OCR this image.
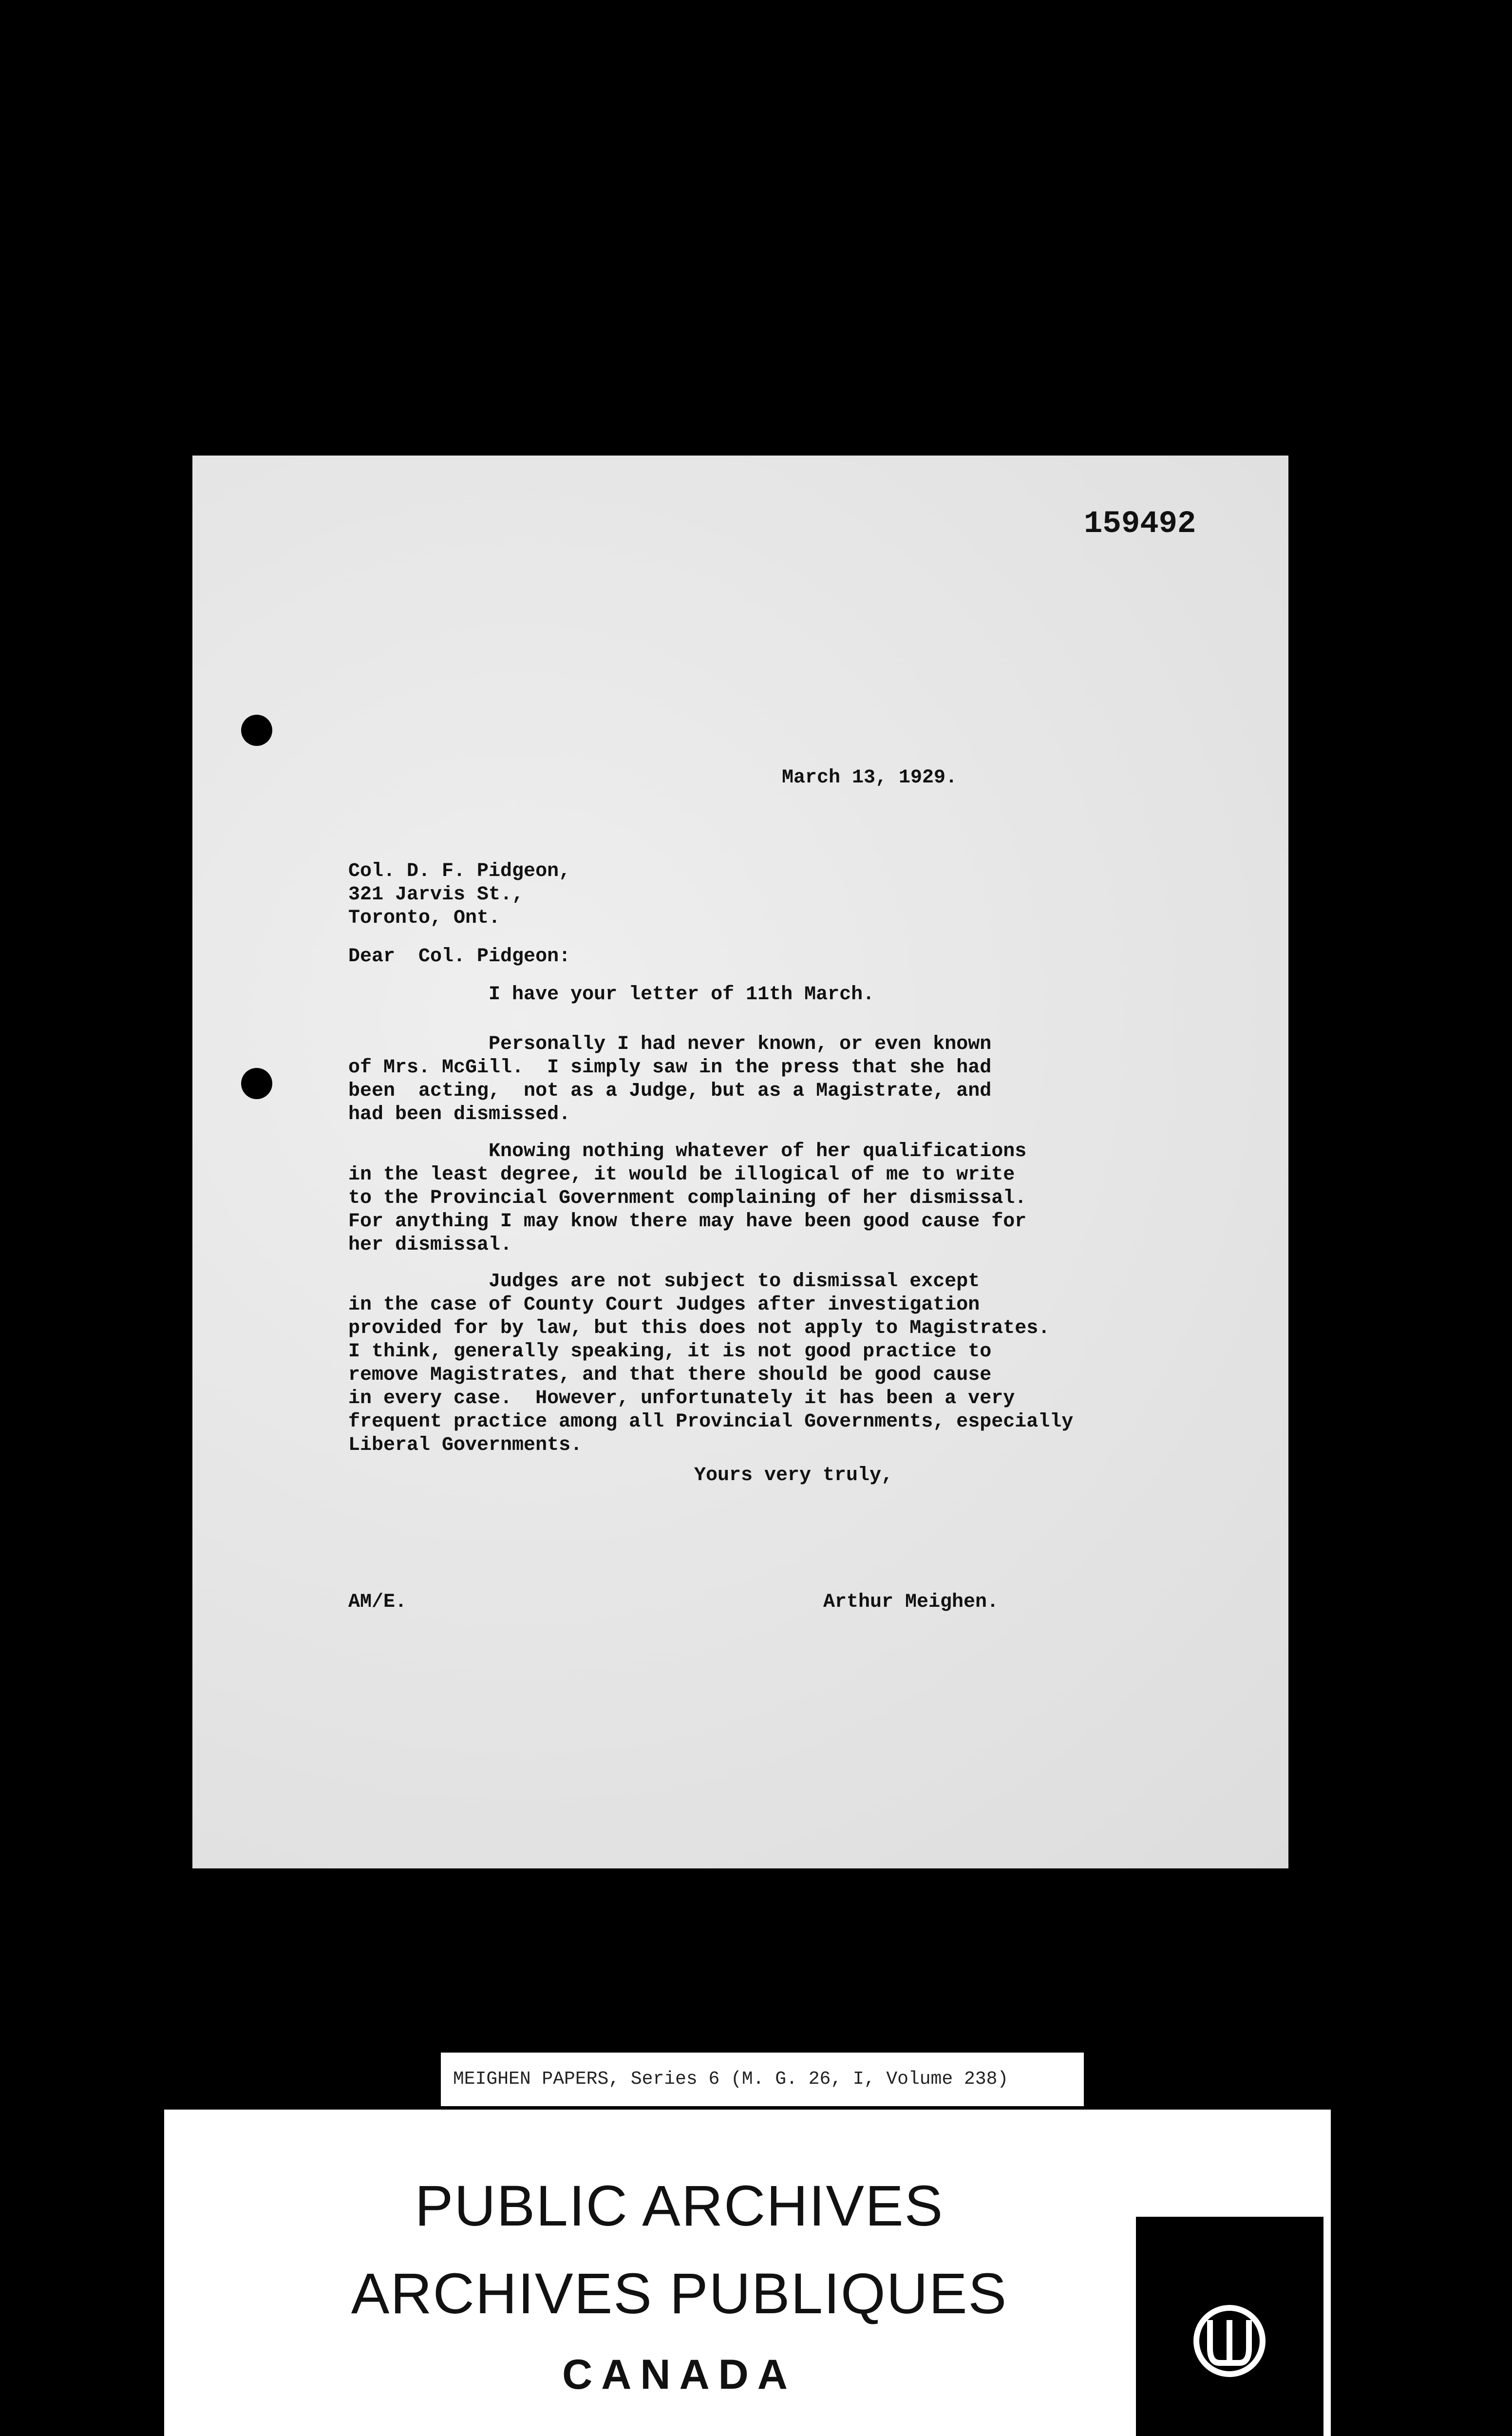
159492
March 13, 1929.
Col. D. F. Pidgeon,
321 Jarvis St.,
Toronto, Ont.
Dear  Col. Pidgeon:
I have your letter of 11th March.
Personally I had never known, or even known
of Mrs. McGill.  I simply saw in the press that she had
been  acting,  not as a Judge, but as a Magistrate, and
had been dismissed.
Knowing nothing whatever of her qualifications
in the least degree, it would be illogical of me to write
to the Provincial Government complaining of her dismissal.
For anything I may know there may have been good cause for
her dismissal.
Judges are not subject to dismissal except
in the case of County Court Judges after investigation
provided for by law, but this does not apply to Magistrates.
I think, generally speaking, it is not good practice to
remove Magistrates, and that there should be good cause
in every case.  However, unfortunately it has been a very
frequent practice among all Provincial Governments, especially
Liberal Governments.
Yours very truly,
AM/E.	Arthur Meighen.
MEIGHEN PAPERS, Series 6 (M. G. 26, I, Volume 238)
PUBLIC ARCHIVES
ARCHIVES PUBLIQUES
CANADA
